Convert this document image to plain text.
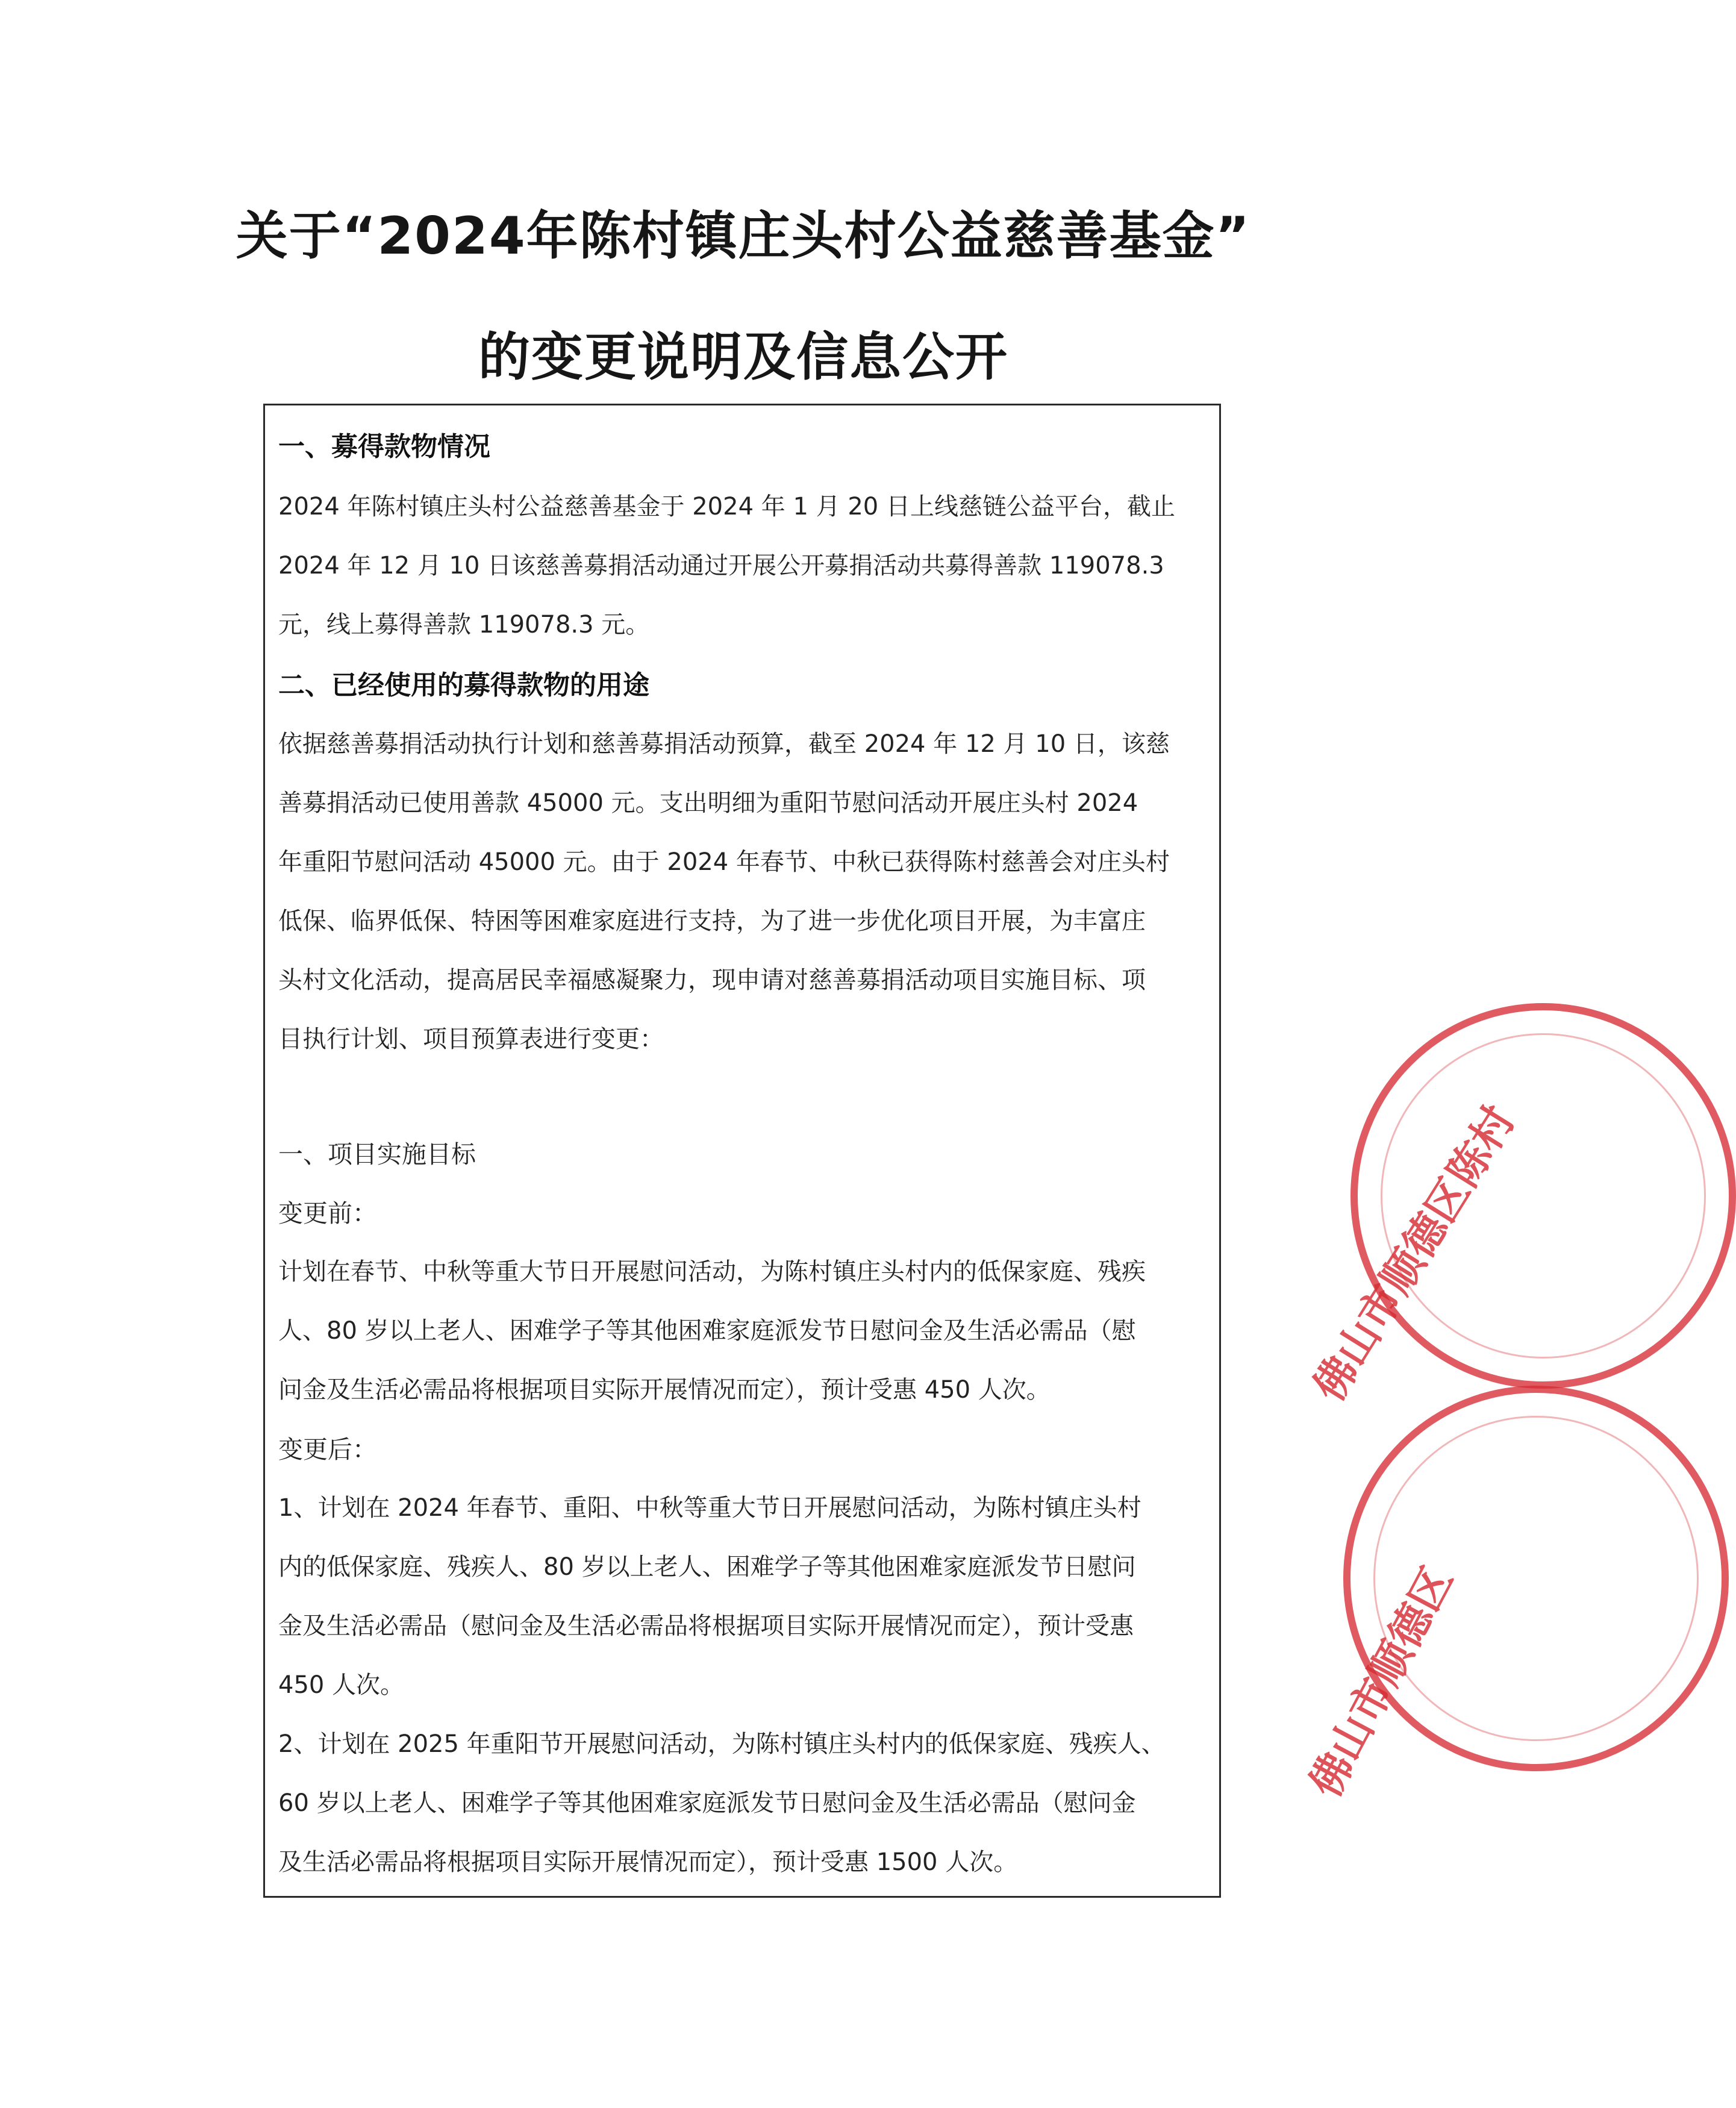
关于“2024年陈村镇庄头村公益慈善基金”
的变更说明及信息公开
一、募得款物情况
2024 年陈村镇庄头村公益慈善基金于 2024 年 1 月 20 日上线慈链公益平台，截止
2024 年 12 月 10 日该慈善募捐活动通过开展公开募捐活动共募得善款 119078.3
元，线上募得善款 119078.3 元。
二、已经使用的募得款物的用途
依据慈善募捐活动执行计划和慈善募捐活动预算，截至 2024 年 12 月 10 日，该慈
善募捐活动已使用善款 45000 元。支出明细为重阳节慰问活动开展庄头村 2024
年重阳节慰问活动 45000 元。由于 2024 年春节、中秋已获得陈村慈善会对庄头村
低保、临界低保、特困等困难家庭进行支持，为了进一步优化项目开展，为丰富庄
头村文化活动，提高居民幸福感凝聚力，现申请对慈善募捐活动项目实施目标、项
目执行计划、项目预算表进行变更：
一、项目实施目标
变更前：
计划在春节、中秋等重大节日开展慰问活动，为陈村镇庄头村内的低保家庭、残疾
人、80 岁以上老人、困难学子等其他困难家庭派发节日慰问金及生活必需品（慰
问金及生活必需品将根据项目实际开展情况而定），预计受惠 450 人次。
变更后：
1、计划在 2024 年春节、重阳、中秋等重大节日开展慰问活动，为陈村镇庄头村
内的低保家庭、残疾人、80 岁以上老人、困难学子等其他困难家庭派发节日慰问
金及生活必需品（慰问金及生活必需品将根据项目实际开展情况而定），预计受惠
450 人次。
2、计划在 2025 年重阳节开展慰问活动，为陈村镇庄头村内的低保家庭、残疾人、
60 岁以上老人、困难学子等其他困难家庭派发节日慰问金及生活必需品（慰问金
及生活必需品将根据项目实际开展情况而定），预计受惠 1500 人次。
佛山市顺德区陈村
佛山市顺德区
